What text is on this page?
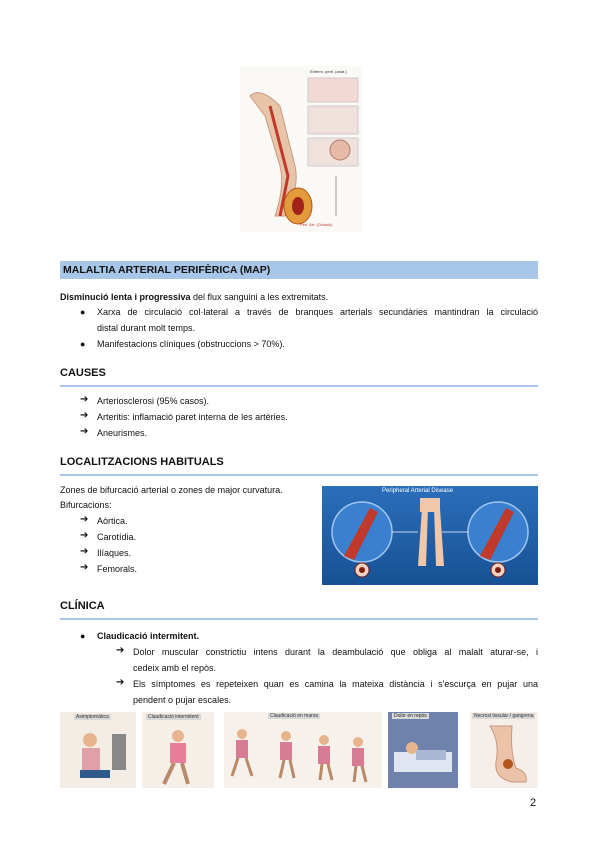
Enferm. perif. (anat.)
Peri. Art. (Oclusió)
MALALTIA ARTERIAL PERIFÈRICA (MAP)
Disminució lenta i progressiva del flux sanguini a les extremitats.
● Xarxa de circulació col·lateral a través de branques arterials secundàries mantindran la circulació
distal durant molt temps.
● Manifestacions clíniques (obstruccions > 70%).
CAUSES
➔ Arteriosclerosi (95% casos).
➔ Arteritis: inflamació paret interna de les artèries.
➔ Aneurismes.
LOCALITZACIONS HABITUALS
Zones de bifurcació arterial o zones de major curvatura.
Bifurcacions:
➔ Aòrtica.
➔ Carotídia.
➔ Ilíaques.
➔ Femorals.
Peripheral Arterial Disease
CLÍNICA
● Claudicació intermitent.
➔ Dolor muscular constrictiu intens durant la deambulació que obliga al malalt aturar-se, i
cedeix amb el repòs.
➔ Els símptomes es repeteixen quan es camina la mateixa distància i s'escurça en pujar una
pendent o pujar escales.
Asimptomàtica	Claudicació intermitent	Claudicació en marxa	Dolor en repòs	Necrosi tissular / gangrena
2
